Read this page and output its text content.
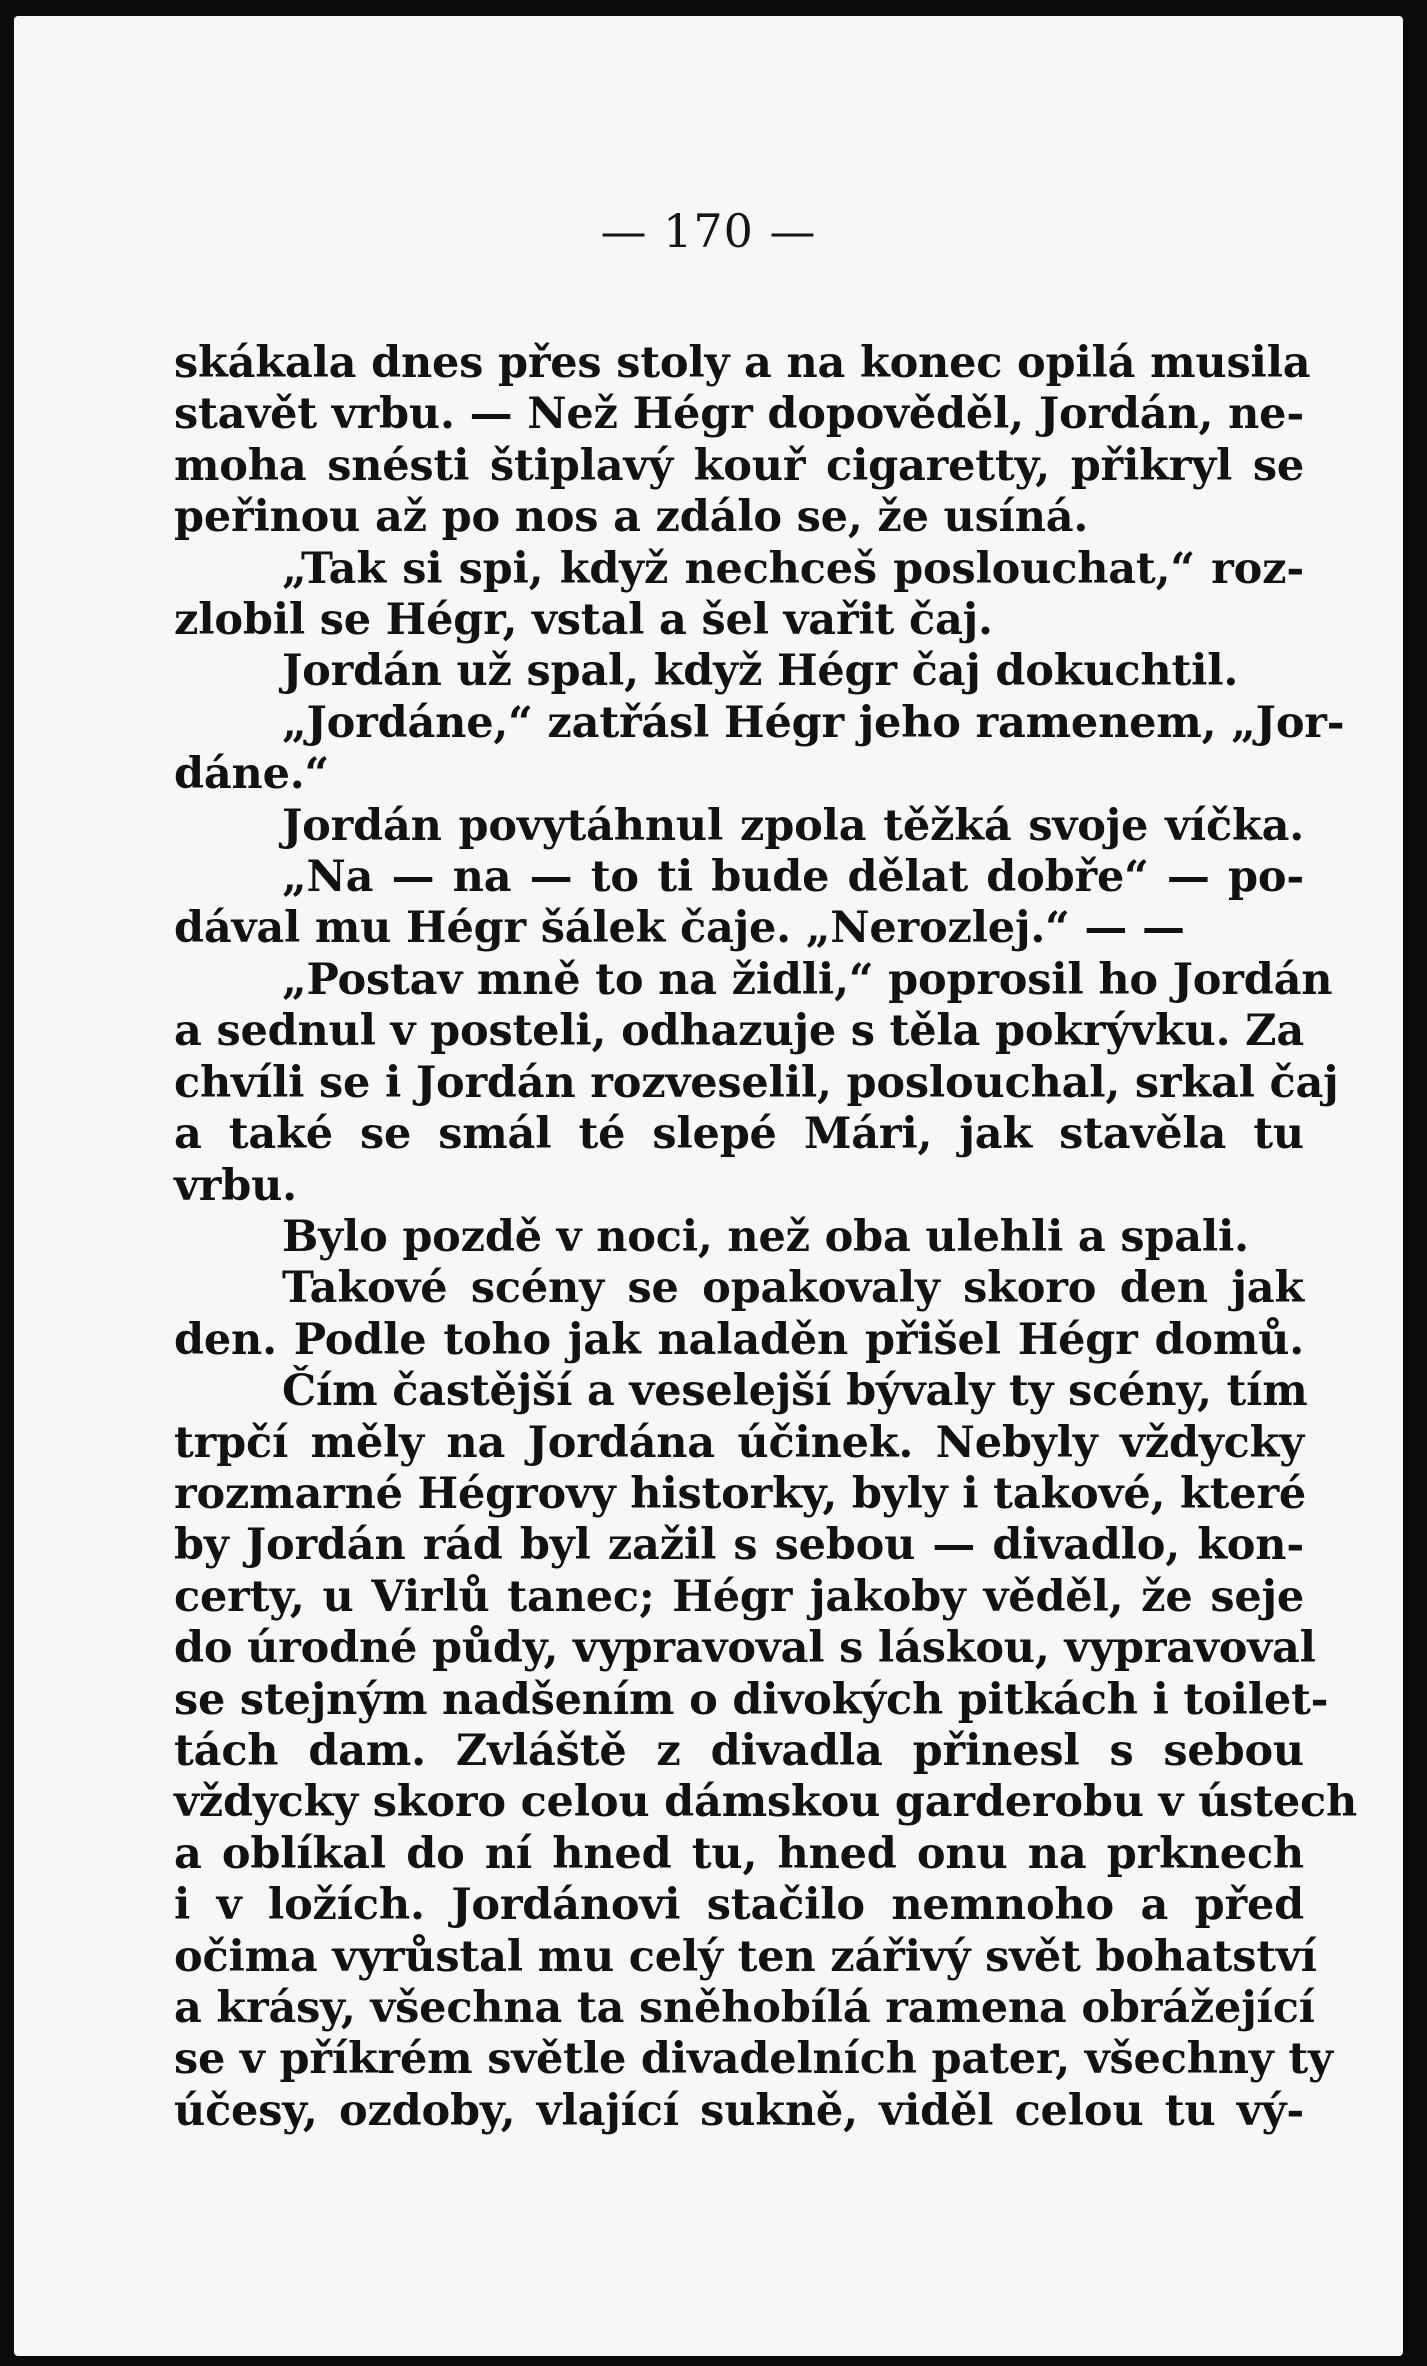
— 170 —
skákala dnes přes stoly a na konec opilá musila
stavět vrbu. — Než Hégr dopověděl, Jordán, ne-
moha snésti štiplavý kouř cigaretty, přikryl se
peřinou až po nos a zdálo se, že usíná.
„Tak si spi, když nechceš poslouchat,“ roz-
zlobil se Hégr, vstal a šel vařit čaj.
Jordán už spal, když Hégr čaj dokuchtil.
„Jordáne,“ zatřásl Hégr jeho ramenem, „Jor-
dáne.“
Jordán povytáhnul zpola těžká svoje víčka.
„Na — na — to ti bude dělat dobře“ — po-
dával mu Hégr šálek čaje. „Nerozlej.“ — —
„Postav mně to na židli,“ poprosil ho Jordán
a sednul v posteli, odhazuje s těla pokrývku. Za
chvíli se i Jordán rozveselil, poslouchal, srkal čaj
a také se smál té slepé Mári, jak stavěla tu
vrbu.
Bylo pozdě v noci, než oba ulehli a spali.
Takové scény se opakovaly skoro den jak
den. Podle toho jak naladěn přišel Hégr domů.
Čím častější a veselejší bývaly ty scény, tím
trpčí měly na Jordána účinek. Nebyly vždycky
rozmarné Hégrovy historky, byly i takové, které
by Jordán rád byl zažil s sebou — divadlo, kon-
certy, u Virlů tanec; Hégr jakoby věděl, že seje
do úrodné půdy, vypravoval s láskou, vypravoval
se stejným nadšením o divokých pitkách i toilet-
tách dam. Zvláště z divadla přinesl s sebou
vždycky skoro celou dámskou garderobu v ústech
a oblíkal do ní hned tu, hned onu na prknech
i v ložích. Jordánovi stačilo nemnoho a před
očima vyrůstal mu celý ten zářivý svět bohatství
a krásy, všechna ta sněhobílá ramena obrážející
se v příkrém světle divadelních pater, všechny ty
účesy, ozdoby, vlající sukně, viděl celou tu vý-
